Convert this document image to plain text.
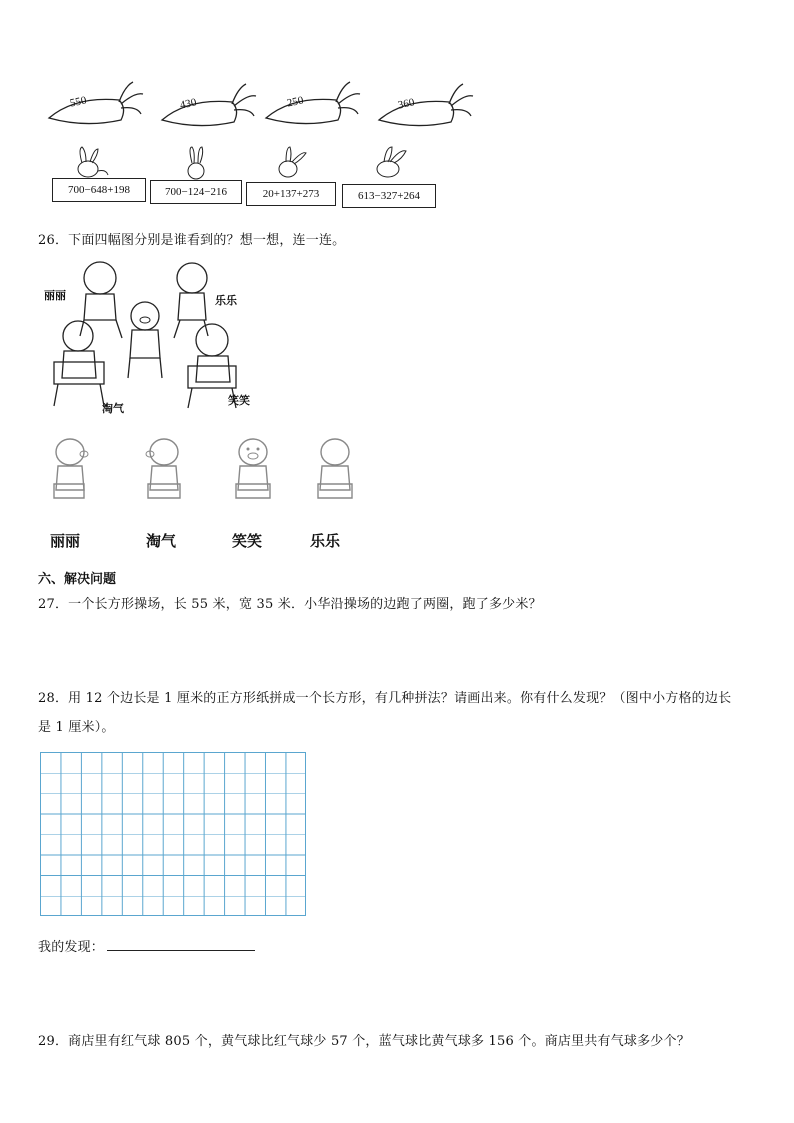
550	430	250	360
700−648+198	700−124−216	20+137+273	613−327+264
26．下面四幅图分别是谁看到的？想一想，连一连。
丽丽	乐乐
淘气
笑笑
丽丽	淘气	笑笑	乐乐
六、解决问题
27．一个长方形操场，长 55 米，宽 35 米．小华沿操场的边跑了两圈，跑了多少米？
28．用 12 个边长是 1 厘米的正方形纸拼成一个长方形，有几种拼法？请画出来。你有什么发现？（图中小方格的边长
是 1 厘米）。
我的发现：
29．商店里有红气球 805 个，黄气球比红气球少 57 个，蓝气球比黄气球多 156 个。商店里共有气球多少个？
